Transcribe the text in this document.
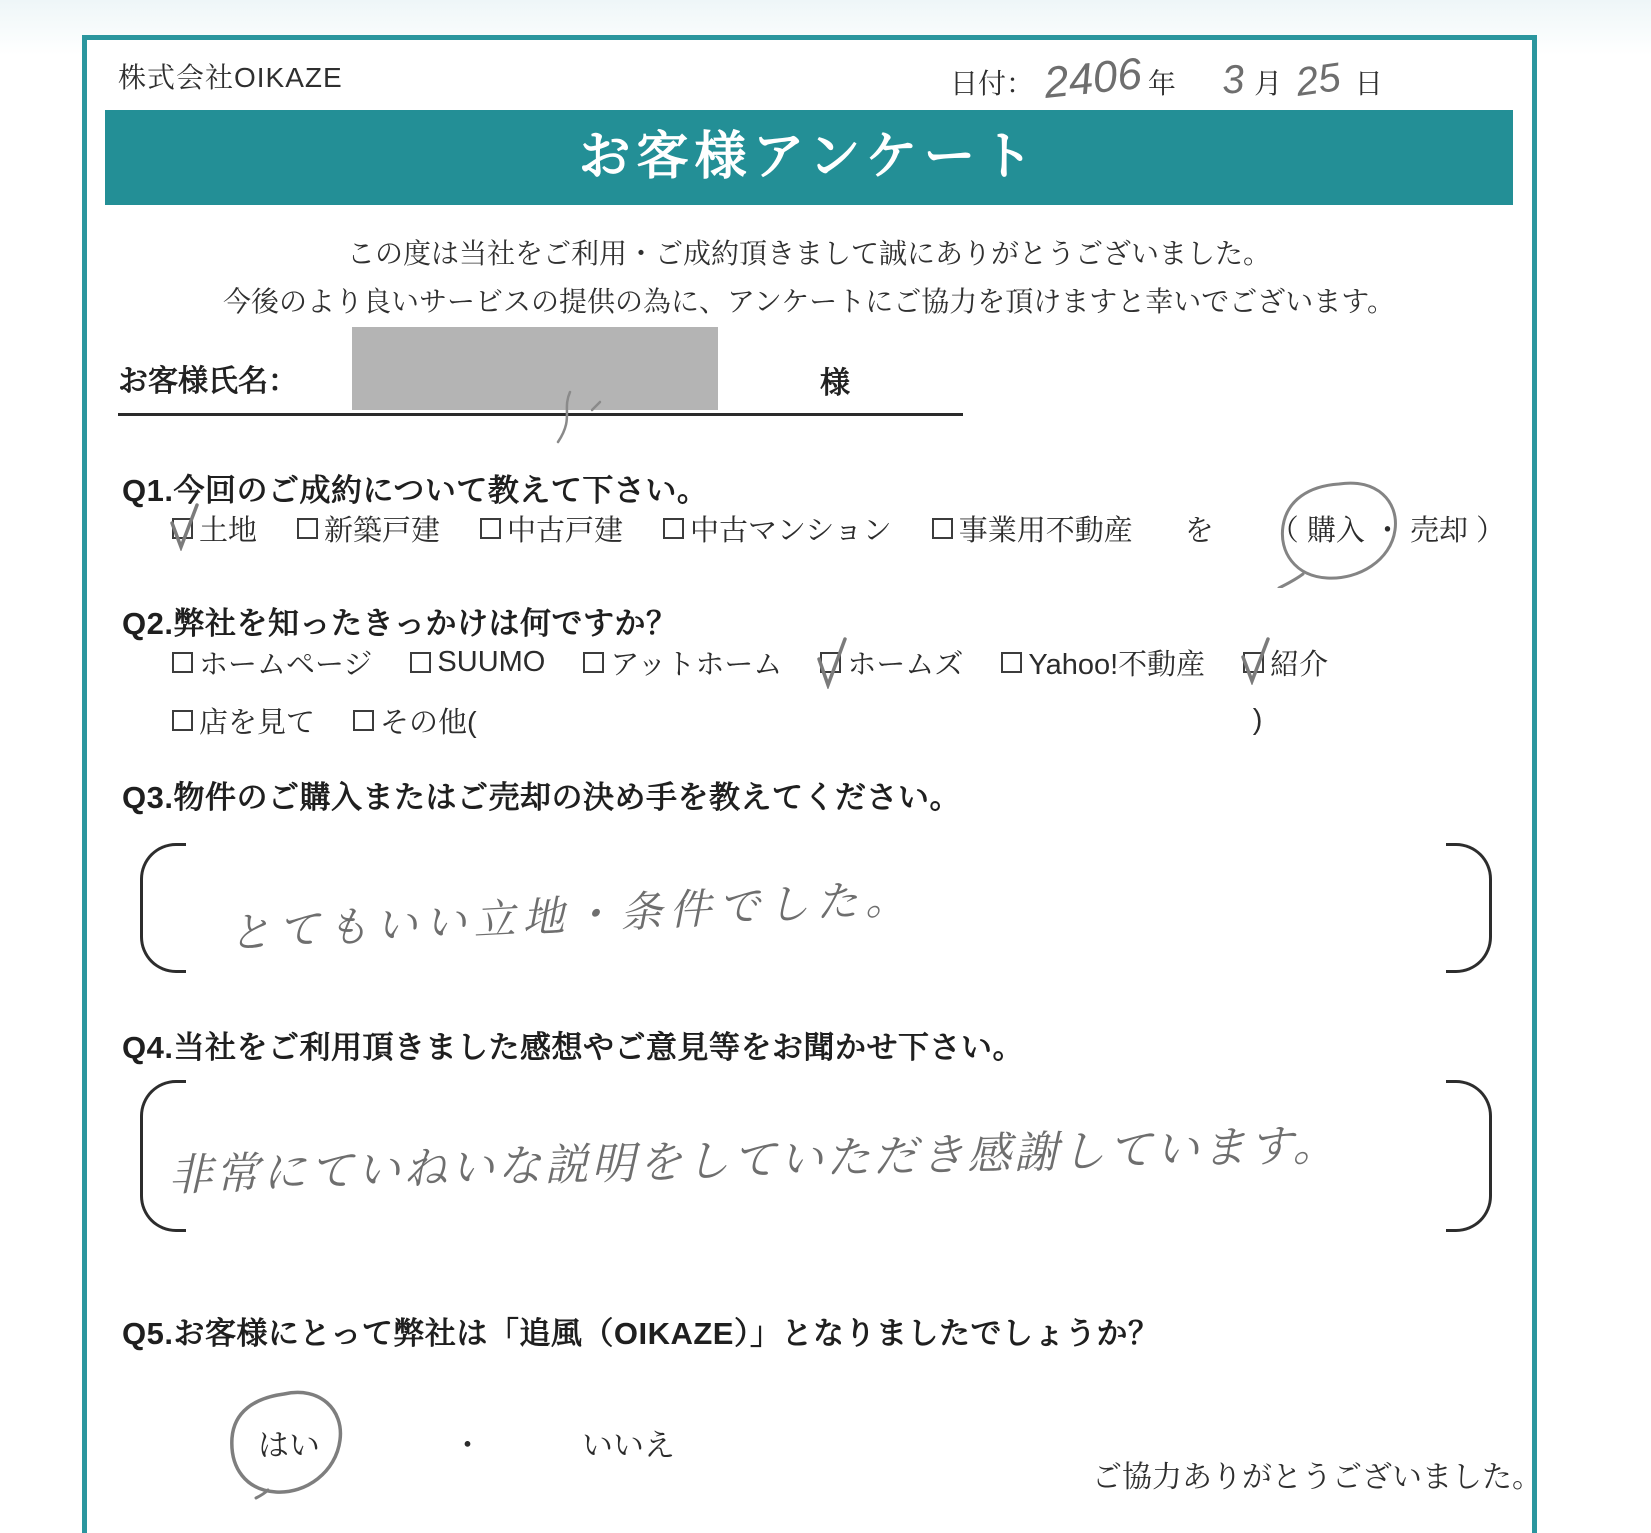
株式会社OIKAZE	日付： 2406 年 3 月 25 日
お客様アンケート
この度は当社をご利用・ご成約頂きまして誠にありがとうございました。
今後のより良いサービスの提供の為に、アンケートにご協力を頂けますと幸いでございます。
お客様氏名：	様
Q1.今回のご成約について教えて下さい。
土地 新築戸建 中古戸建 中古マンション 事業用不動産 を （ 購入 ・ 売却 ）
Q2.弊社を知ったきっかけは何ですか？
ホームページ SUUMO アットホーム ホームズ Yahoo!不動産 紹介
店を見て その他(	)
Q3.物件のご購入またはご売却の決め手を教えてください。
とてもいい立地・条件でした。
Q4.当社をご利用頂きました感想やご意見等をお聞かせ下さい。
非常にていねいな説明をしていただき感謝しています。
Q5.お客様にとって弊社は「追風（OIKAZE）」となりましたでしょうか？
はい	・	いいえ
ご協力ありがとうございました。
